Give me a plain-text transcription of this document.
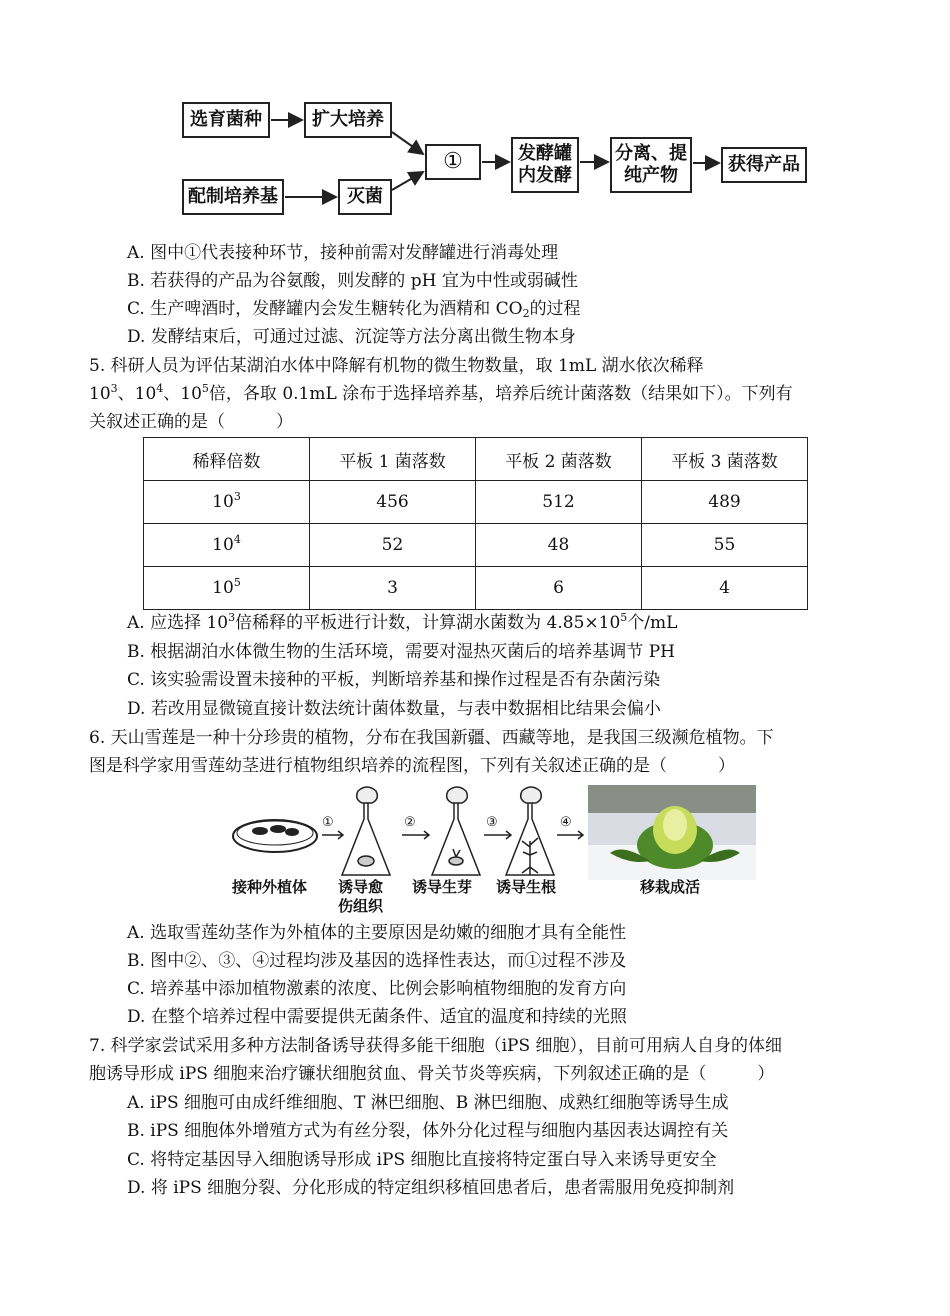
选育菌种	扩大培养
①	发酵罐
内发酵
分离、提
纯产物
获得产品
配制培养基	灭菌
A. 图中①代表接种环节，接种前需对发酵罐进行消毒处理
B. 若获得的产品为谷氨酸，则发酵的 pH 宜为中性或弱碱性
C. 生产啤酒时，发酵罐内会发生糖转化为酒精和 $CO_2$的过程
D. 发酵结束后，可通过过滤、沉淀等方法分离出微生物本身
5. 科研人员为评估某湖泊水体中降解有机物的微生物数量，取 1mL 湖水依次稀释
$10^3$、$10^4$、$10^5$倍，各取 0.1mL 涂布于选择培养基，培养后统计菌落数（结果如下）。下列有
关叙述正确的是（　　　）
稀释倍数	平板 1 菌落数	平板 2 菌落数	平板 3 菌落数
$10^3$	456	512	489
$10^4$	52	48	55
$10^5$	3	6	4
A. 应选择 $10^3$倍稀释的平板进行计数，计算湖水菌数为 $4.85\times 10^5$个/mL
B. 根据湖泊水体微生物的生活环境，需要对湿热灭菌后的培养基调节 PH
C. 该实验需设置未接种的平板，判断培养基和操作过程是否有杂菌污染
D. 若改用显微镜直接计数法统计菌体数量，与表中数据相比结果会偏小
6. 天山雪莲是一种十分珍贵的植物，分布在我国新疆、西藏等地，是我国三级濒危植物。下
图是科学家用雪莲幼茎进行植物组织培养的流程图，下列有关叙述正确的是（　　　）
①	②	③	④
接种外植体 诱导愈
伤组织
诱导生芽 诱导生根	移栽成活
A. 选取雪莲幼茎作为外植体的主要原因是幼嫩的细胞才具有全能性
B. 图中②、③、④过程均涉及基因的选择性表达，而①过程不涉及
C. 培养基中添加植物激素的浓度、比例会影响植物细胞的发育方向
D. 在整个培养过程中需要提供无菌条件、适宜的温度和持续的光照
7. 科学家尝试采用多种方法制备诱导获得多能干细胞（iPS 细胞），目前可用病人自身的体细
胞诱导形成 iPS 细胞来治疗镰状细胞贫血、骨关节炎等疾病，下列叙述正确的是（　　　）
A. iPS 细胞可由成纤维细胞、T 淋巴细胞、B 淋巴细胞、成熟红细胞等诱导生成
B. iPS 细胞体外增殖方式为有丝分裂，体外分化过程与细胞内基因表达调控有关
C. 将特定基因导入细胞诱导形成 iPS 细胞比直接将特定蛋白导入来诱导更安全
D. 将 iPS 细胞分裂、分化形成的特定组织移植回患者后，患者需服用免疫抑制剂
